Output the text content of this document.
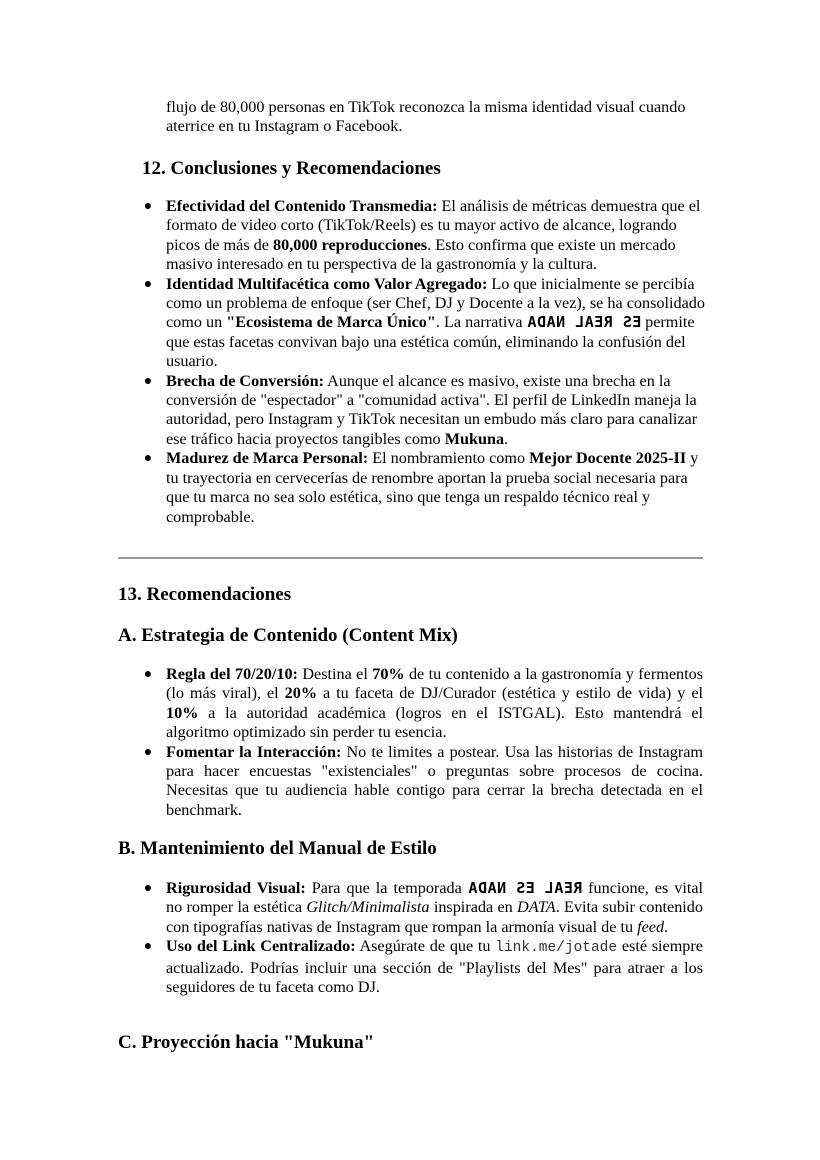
flujo de 80,000 personas en TikTok reconozca la misma identidad visual cuando aterrice en tu Instagram o Facebook.

12. Conclusiones y Recomendaciones
● Efectividad del Contenido Transmedia: El análisis de métricas demuestra que el formato de video corto (TikTok/Reels) es tu mayor activo de alcance, logrando picos de más de 80,000 reproducciones. Esto confirma que existe un mercado masivo interesado en tu perspectiva de la gastronomía y la cultura.
● Identidad Multifacética como Valor Agregado: Lo que inicialmente se percibía como un problema de enfoque (ser Chef, DJ y Docente a la vez), se ha consolidado como un "Ecosistema de Marca Único". La narrativa ES REAL NADA permite que estas facetas convivan bajo una estética común, eliminando la confusión del usuario.
● Brecha de Conversión: Aunque el alcance es masivo, existe una brecha en la conversión de "espectador" a "comunidad activa". El perfil de LinkedIn maneja la autoridad, pero Instagram y TikTok necesitan un embudo más claro para canalizar ese tráfico hacia proyectos tangibles como Mukuna.
● Madurez de Marca Personal: El nombramiento como Mejor Docente 2025-II y tu trayectoria en cervecerías de renombre aportan la prueba social necesaria para que tu marca no sea solo estética, sino que tenga un respaldo técnico real y comprobable.
13. Recomendaciones
A. Estrategia de Contenido (Content Mix)
● Regla del 70/20/10: Destina el 70% de tu contenido a la gastronomía y fermentos (lo más viral), el 20% a tu faceta de DJ/Curador (estética y estilo de vida) y el 10% a la autoridad académica (logros en el ISTGAL). Esto mantendrá el algoritmo optimizado sin perder tu esencia.
● Fomentar la Interacción: No te limites a postear. Usa las historias de Instagram para hacer encuestas "existenciales" o preguntas sobre procesos de cocina. Necesitas que tu audiencia hable contigo para cerrar la brecha detectada en el benchmark.
B. Mantenimiento del Manual de Estilo
● Rigurosidad Visual: Para que la temporada REAL ES NADA funcione, es vital no romper la estética Glitch/Minimalista inspirada en DATA. Evita subir contenido con tipografías nativas de Instagram que rompan la armonía visual de tu feed.
● Uso del Link Centralizado: Asegúrate de que tu link.me/jotade esté siempre actualizado. Podrías incluir una sección de "Playlists del Mes" para atraer a los seguidores de tu faceta como DJ.
C. Proyección hacia "Mukuna"
